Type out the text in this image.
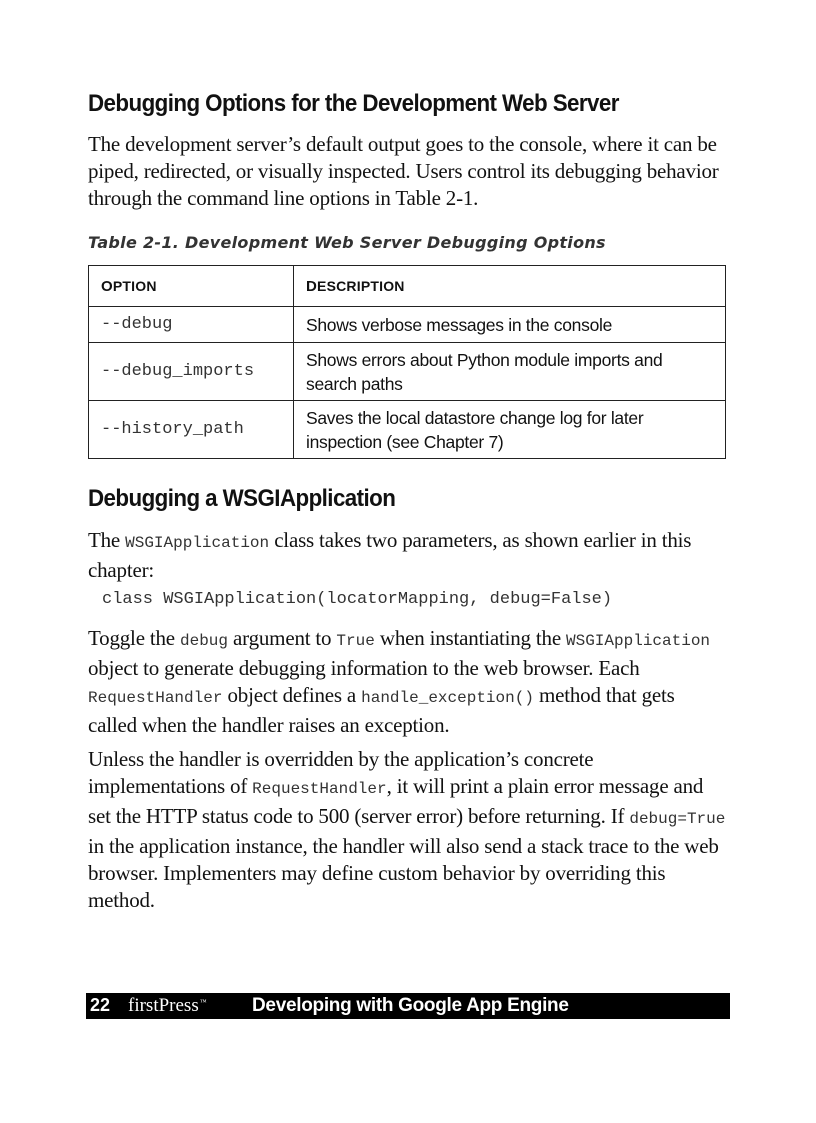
Debugging Options for the Development Web Server

The development server’s default output goes to the console, where it can be piped, redirected, or visually inspected. Users control its debugging behavior through the command line options in Table 2-1.

Table 2-1. Development Web Server Debugging Options
OPTION	DESCRIPTION
--debug	Shows verbose messages in the console
--debug_imports	Shows errors about Python module imports and search paths
--history_path	Saves the local datastore change log for later inspection (see Chapter 7)
Debugging a WSGIApplication

The WSGIApplication class takes two parameters, as shown earlier in this chapter:

class WSGIApplication(locatorMapping, debug=False)

Toggle the debug argument to True when instantiating the WSGIApplication object to generate debugging information to the web browser. Each RequestHandler object defines a handle_exception() method that gets called when the handler raises an exception.

Unless the handler is overridden by the application’s concrete implementations of RequestHandler, it will print a plain error message and set the HTTP status code to 500 (server error) before returning. If debug=True in the application instance, the handler will also send a stack trace to the web browser. Implementers may define custom behavior by overriding this method.

22 firstPress™ Developing with Google App Engine
